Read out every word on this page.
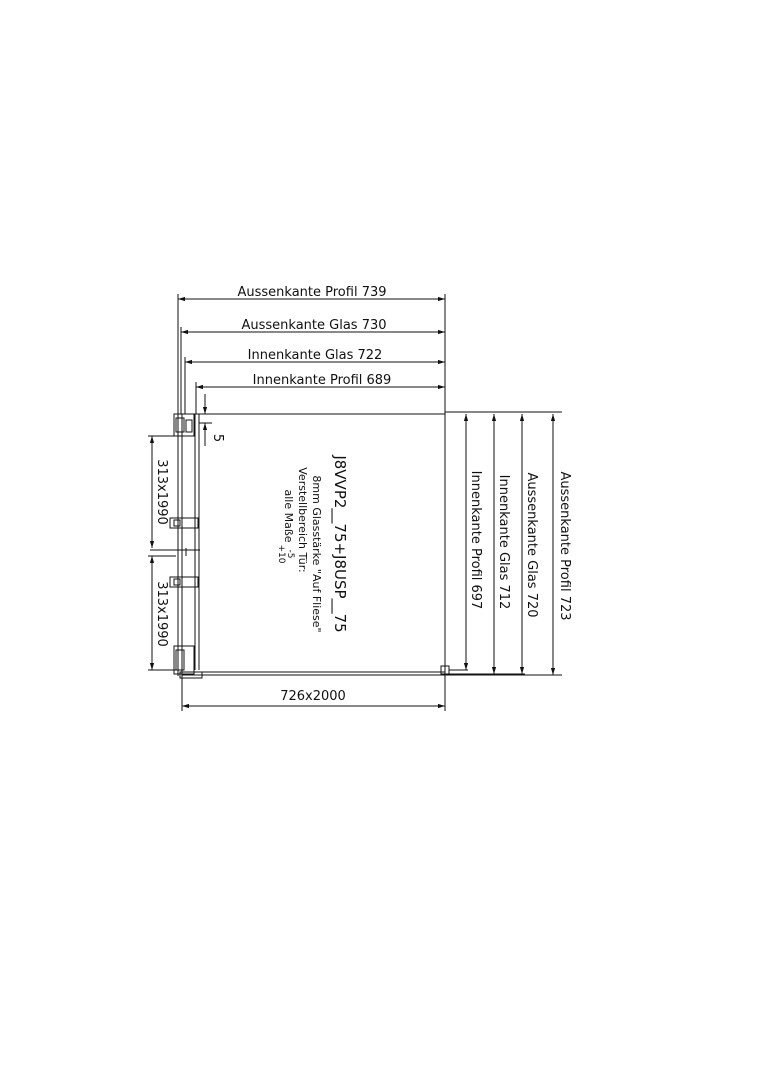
Aussenkante Profil 739
Aussenkante Glas 730
Innenkante Glas 722
Innenkante Profil 689
5
Innenkante Profil 697 Innenkante Glas 712 Aussenkante Glas 720 Aussenkante Profil 723
313x1990
313x1990
726x2000
J8VVP2__75+J8USP__75
8mm Glasstärke "Auf Fliese"
Verstellbereich Tür:
alle Maße
-5
+10
